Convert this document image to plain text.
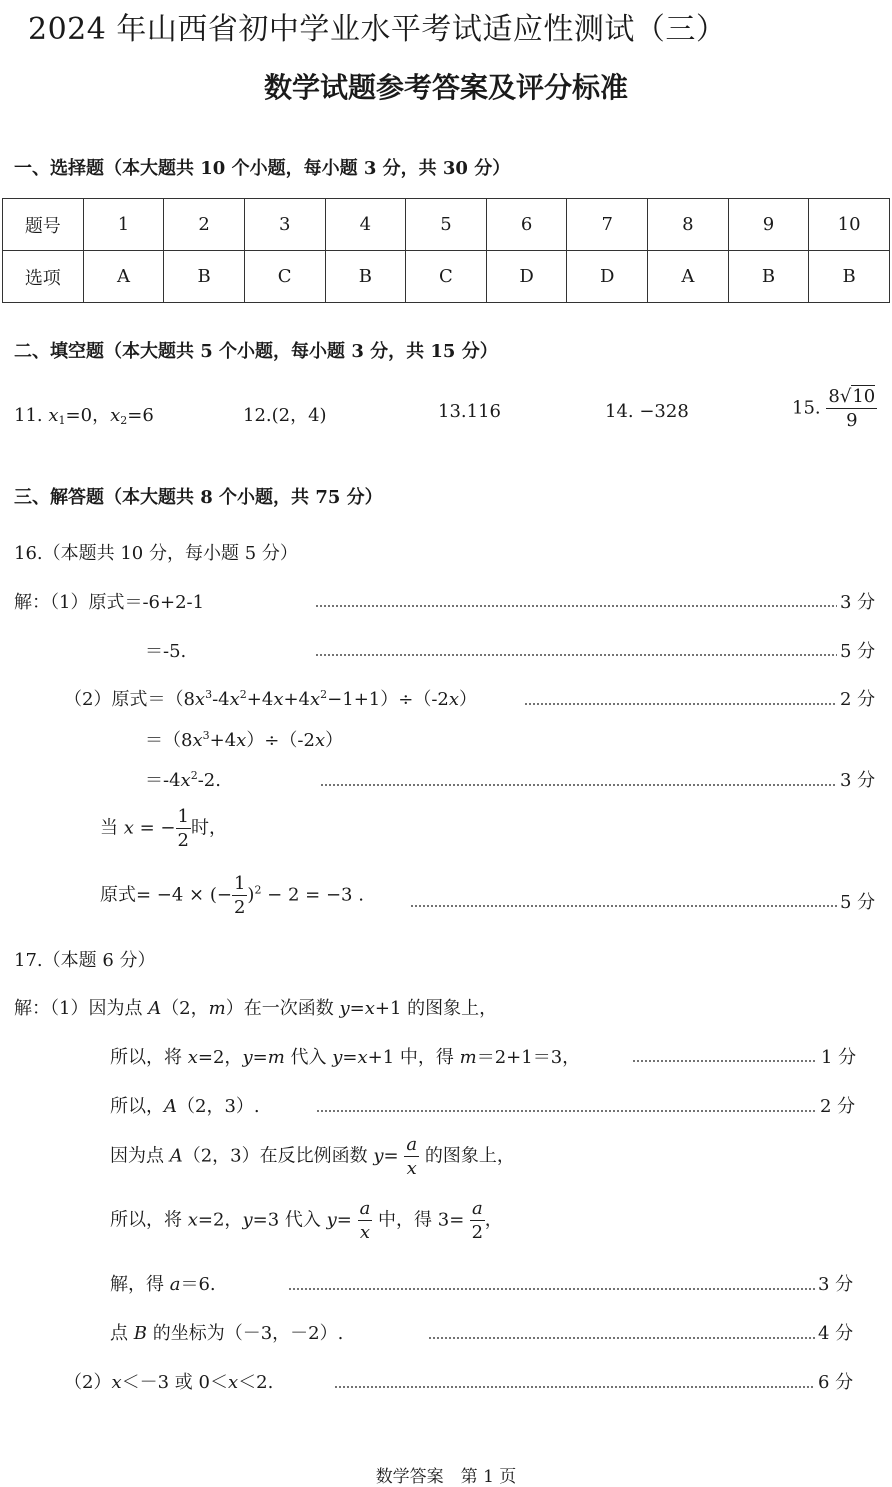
2024 年山西省初中学业水平考试适应性测试（三）
数学试题参考答案及评分标准
一、选择题（本大题共 10 个小题，每小题 3 分，共 30 分）
题号	1	2	3	4	5	6	7	8	9	10
选项	A	B	C	B	C	D	D	A	B	B
二、填空题（本大题共 5 个小题，每小题 3 分，共 15 分）
11. $x_1=0$，$x_2=6$	12.(2，4)	13.116	14. −328	15. $\frac{8√10}{9}$
三、解答题（本大题共 8 个小题，共 75 分）
16.（本题共 10 分，每小题 5 分）
解：（1）原式＝-6+2-1	3 分
＝-5.	5 分
（2）原式$=(8x^3-4x^2+4x+4x^2-1+1)\div(-2x)$	2 分
$=(8x^3+4x)\div(-2x)$
$=-4x^2-2$.	3 分
当 x = − $\frac{1}{2}$ 时，
原式= −4 × (− $\frac{1}{2} )^2 - 2 = -3$ .	5 分
17.（本题 6 分）
解：（1）因为点 A（2，m）在一次函数 y=x+1 的图象上，
所以，将 x=2，y=m 代入 y=x+1 中，得 m＝2+1＝3，	1 分
所以，A（2，3）.	2 分
因为点 A（2，3）在反比例函数 $y= \frac{a}{x}$ 的图象上，
所以，将 x=2，y=3 代入 $y= \frac{a}{x}$ 中，得 $3= \frac{a}{2}$ ，
解，得 a＝6.	3 分
点 B 的坐标为（－3，－2）.	4 分
（2）x＜－3 或 0＜x＜2.	6 分
数学答案　第 1 页
